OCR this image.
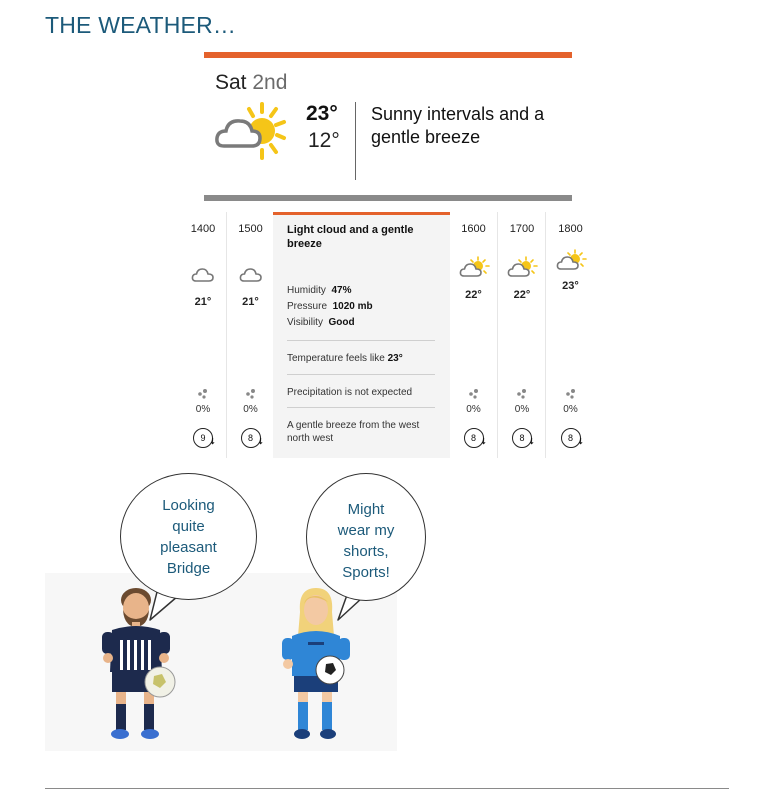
THE WEATHER…
Sat 2nd
23°
12°
Sunny intervals and a gentle breeze
1400
21°
0%
9 ➘
1500
21°
0%
8 ➘
Light cloud and a gentle breeze
Humidity 47%
Pressure 1020 mb
Visibility Good
Temperature feels like 23°
Precipitation is not expected
A gentle breeze from the west north west
1600
22°
0%
8 ➘
1700
22°
0%
8 ➘
1800
23°
0%
8 ➘
Looking
quite
pleasant
Bridge
Might
wear my
shorts,
Sports!
